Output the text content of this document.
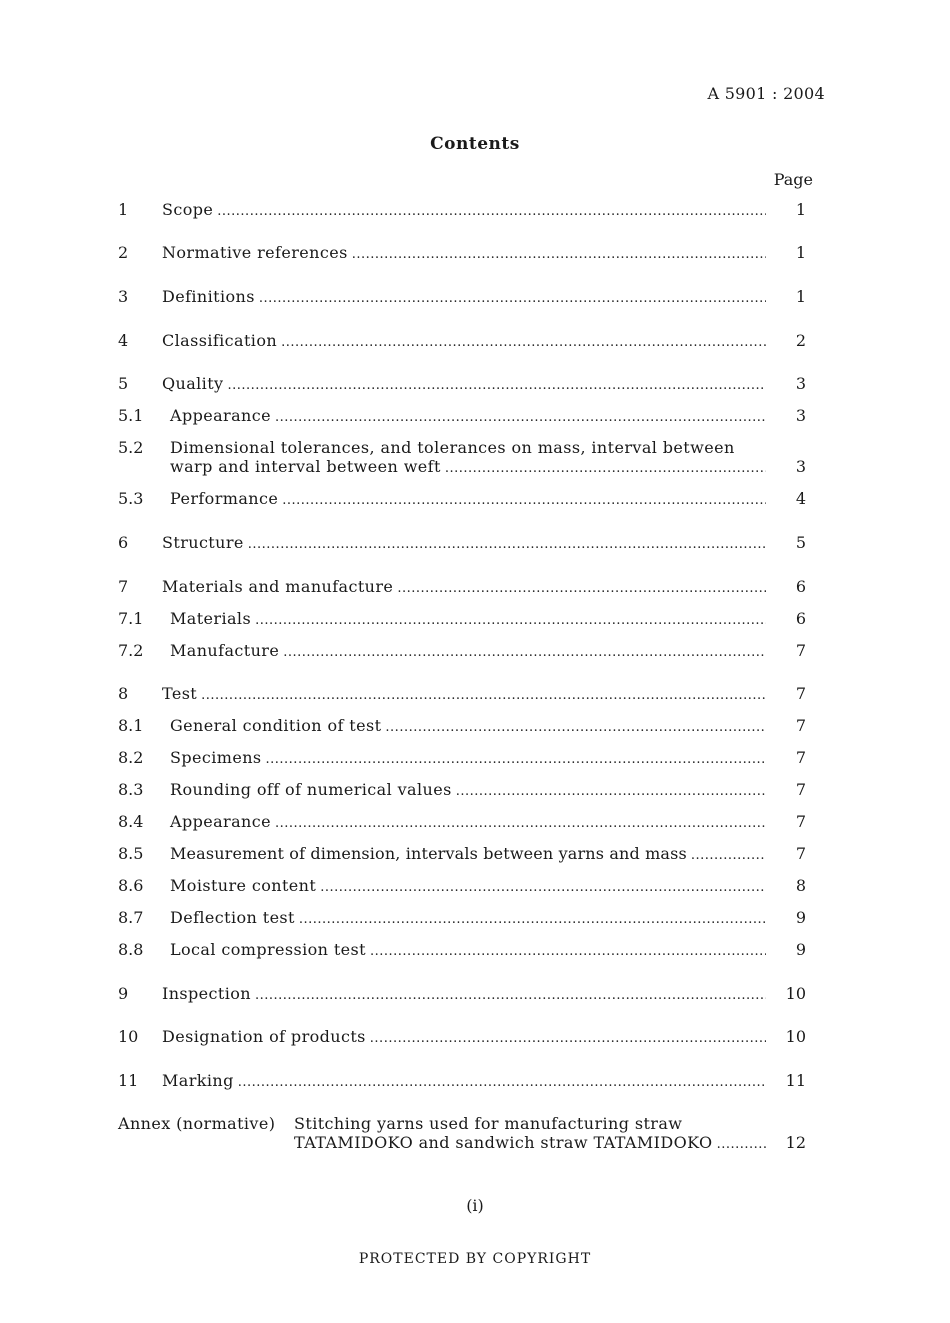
A 5901 : 2004
Contents
Page
1 Scope .....	1
2 Normative references .....	1
3 Definitions .....	1
4 Classification .....	2
5 Quality .....	3
5.1 Appearance .....	3
5.2 Dimensional tolerances, and tolerances on mass, interval between
warp and interval between weft .....	3
5.3 Performance .....	4
6 Structure .....	5
7 Materials and manufacture .....	6
7.1 Materials .....	6
7.2 Manufacture .....	7
8 Test .....	7
8.1 General condition of test .....	7
8.2 Specimens .....	7
8.3 Rounding off of numerical values .....	7
8.4 Appearance .....	7
8.5 Measurement of dimension, intervals between yarns and mass .....	7
8.6 Moisture content .....	8
8.7 Deflection test .....	9
8.8 Local compression test .....	9
9 Inspection .....	10
10 Designation of products .....	10
11 Marking .....	11
Annex (normative) Stitching yarns used for manufacturing straw
TATAMIDOKO and sandwich straw TATAMIDOKO .....	12
(i)
PROTECTED BY COPYRIGHT
